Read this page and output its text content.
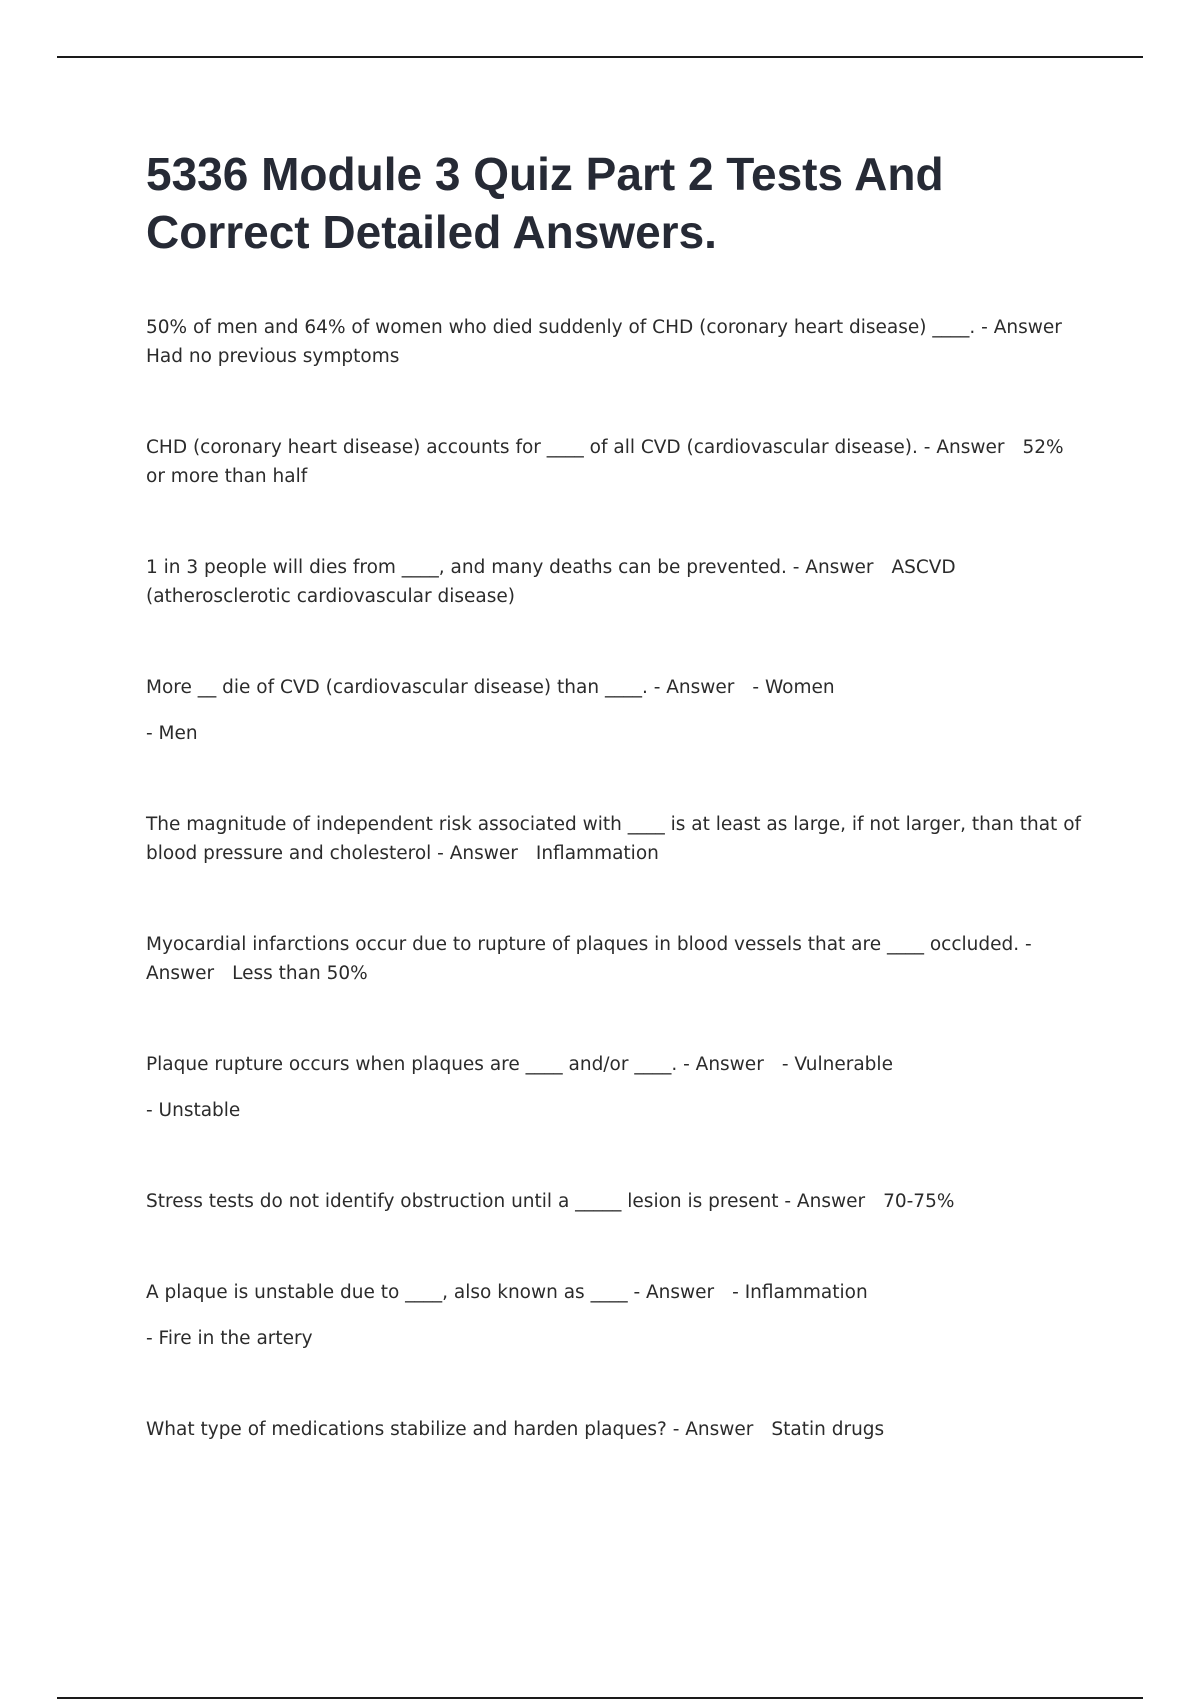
5336 Module 3 Quiz Part 2 Tests And Correct Detailed Answers.

50% of men and 64% of women who died suddenly of CHD (coronary heart disease) ____. - AnswerHad no previous symptoms

CHD (coronary heart disease) accounts for ____ of all CVD (cardiovascular disease). - Answer 52% or more than half

1 in 3 people will dies from ____, and many deaths can be prevented. - Answer ASCVD (atherosclerotic cardiovascular disease)

More __ die of CVD (cardiovascular disease) than ____. - Answer - Women

- Men

The magnitude of independent risk associated with ____ is at least as large, if not larger, than that of blood pressure and cholesterol - Answer Inflammation

Myocardial infarctions occur due to rupture of plaques in blood vessels that are ____ occluded. - Answer Less than 50%

Plaque rupture occurs when plaques are ____ and/or ____. - Answer - Vulnerable

- Unstable

Stress tests do not identify obstruction until a _____ lesion is present - Answer 70-75%

A plaque is unstable due to ____, also known as ____ - Answer - Inflammation

- Fire in the artery

What type of medications stabilize and harden plaques? - Answer Statin drugs
